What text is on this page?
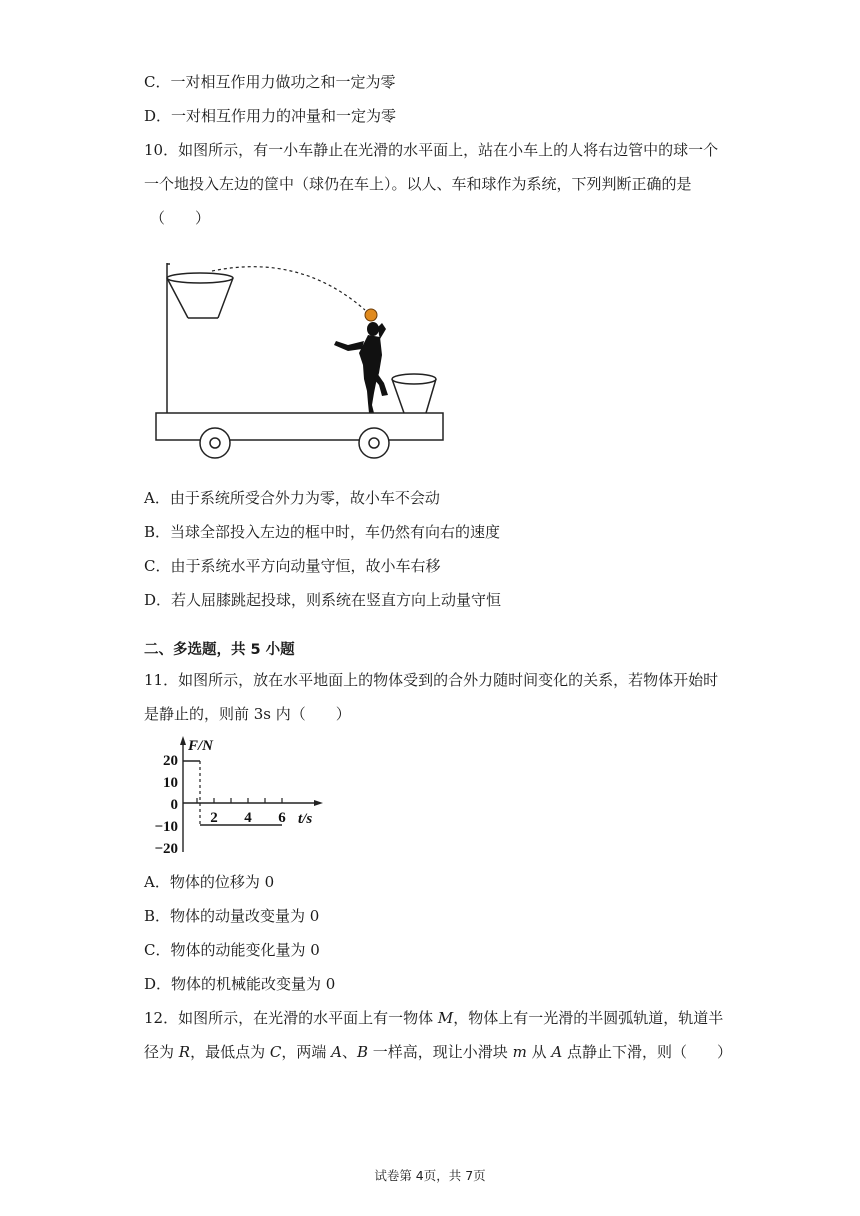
C．一对相互作用力做功之和一定为零
D．一对相互作用力的冲量和一定为零
10．如图所示，有一小车静止在光滑的水平面上，站在小车上的人将右边管中的球一个
一个地投入左边的筐中（球仍在车上）。以人、车和球作为系统，下列判断正确的是
（　　）
A．由于系统所受合外力为零，故小车不会动
B．当球全部投入左边的框中时，车仍然有向右的速度
C．由于系统水平方向动量守恒，故小车右移
D．若人屈膝跳起投球，则系统在竖直方向上动量守恒
二、多选题，共 5 小题
11．如图所示，放在水平地面上的物体受到的合外力随时间变化的关系，若物体开始时
是静止的，则前 3s 内（　　）
F/N
t/s
20
10
0
−10
−20
2 4 6
A．物体的位移为 0
B．物体的动量改变量为 0
C．物体的动能变化量为 0
D．物体的机械能改变量为 0
12．如图所示，在光滑的水平面上有一物体 M，物体上有一光滑的半圆弧轨道，轨道半
径为 R，最低点为 C，两端 A、B 一样高，现让小滑块 m 从 A 点静止下滑，则（　　）
试卷第 4页，共 7页
